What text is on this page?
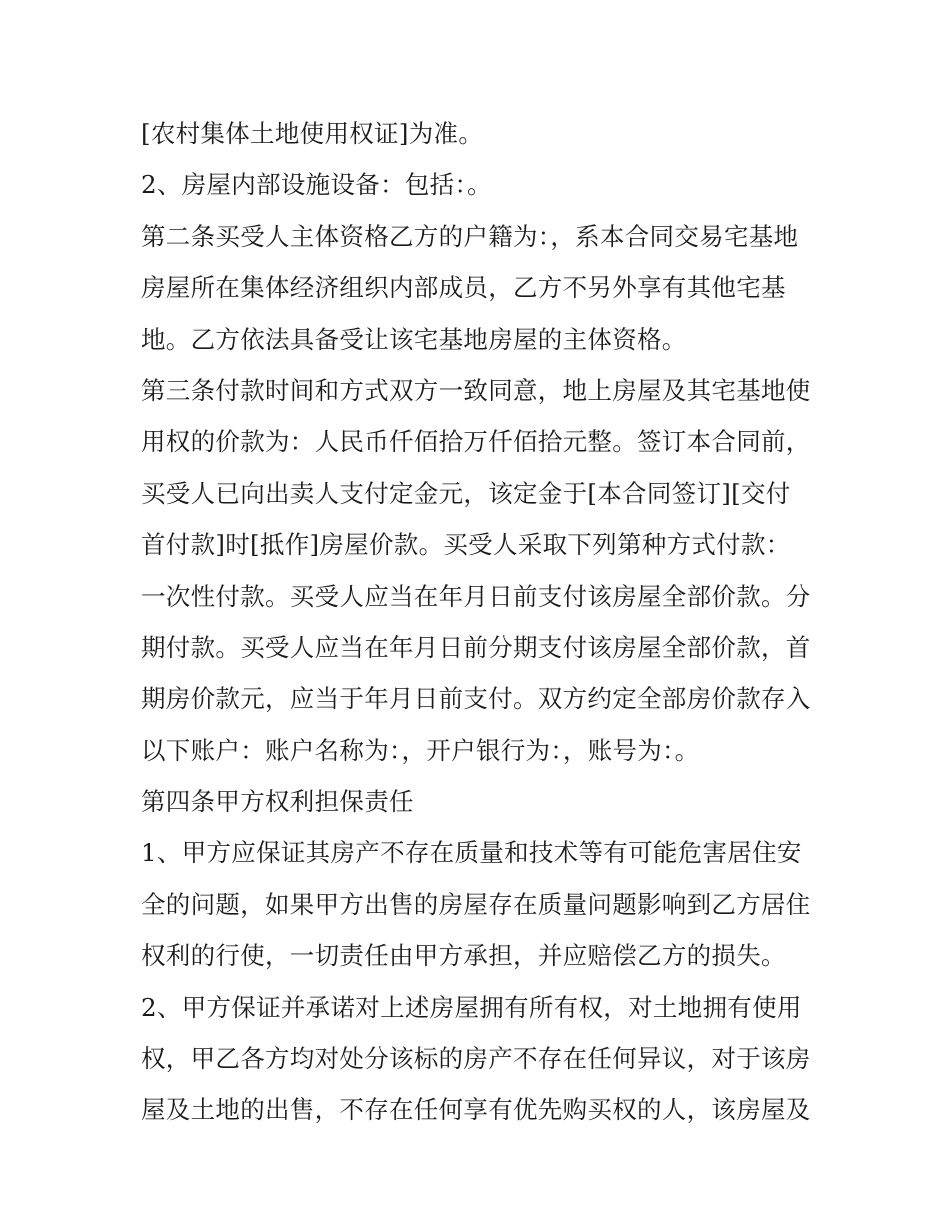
[农村集体土地使用权证]为准。
2、房屋内部设施设备：包括：。
第二条买受人主体资格乙方的户籍为：，系本合同交易宅基地
房屋所在集体经济组织内部成员，乙方不另外享有其他宅基
地。乙方依法具备受让该宅基地房屋的主体资格。
第三条付款时间和方式双方一致同意，地上房屋及其宅基地使
用权的价款为：人民币仟佰拾万仟佰拾元整。签订本合同前，
买受人已向出卖人支付定金元，该定金于[本合同签订][交付
首付款]时[抵作]房屋价款。买受人采取下列第种方式付款：
一次性付款。买受人应当在年月日前支付该房屋全部价款。分
期付款。买受人应当在年月日前分期支付该房屋全部价款，首
期房价款元，应当于年月日前支付。双方约定全部房价款存入
以下账户：账户名称为：，开户银行为：，账号为：。
第四条甲方权利担保责任
1、甲方应保证其房产不存在质量和技术等有可能危害居住安
全的问题，如果甲方出售的房屋存在质量问题影响到乙方居住
权利的行使，一切责任由甲方承担，并应赔偿乙方的损失。
2、甲方保证并承诺对上述房屋拥有所有权，对土地拥有使用
权，甲乙各方均对处分该标的房产不存在任何异议，对于该房
屋及土地的出售，不存在任何享有优先购买权的人，该房屋及
